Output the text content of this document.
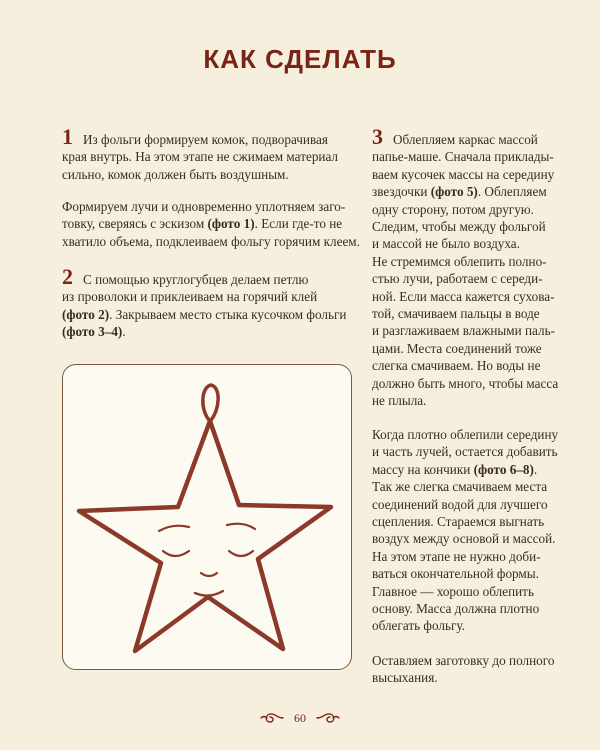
КАК СДЕЛАТЬ

1 Из фольги формируем комок, подворачивая
края внутрь. На этом этапе не сжимаем материал
сильно, комок должен быть воздушным.

Формируем лучи и одновременно уплотняем заго-
товку, сверяясь с эскизом (фото 1). Если где-то не
хватило объема, подклеиваем фольгу горячим клеем.

2 С помощью круглогубцев делаем петлю
из проволоки и приклеиваем на горячий клей
(фото 2). Закрываем место стыка кусочком фольги
(фото 3–4).

3 Облепляем каркас массой
папье-маше. Сначала приклады-
ваем кусочек массы на середину
звездочки (фото 5). Облепляем
одну сторону, потом другую.
Следим, чтобы между фольгой
и массой не было воздуха.
Не стремимся облепить полно-
стью лучи, работаем с середи-
ной. Если масса кажется сухова-
той, смачиваем пальцы в воде
и разглаживаем влажными паль-
цами. Места соединений тоже
слегка смачиваем. Но воды не
должно быть много, чтобы масса
не плыла.

Когда плотно облепили середину
и часть лучей, остается добавить
массу на кончики (фото 6–8).
Так же слегка смачиваем места
соединений водой для лучшего
сцепления. Стараемся выгнать
воздух между основой и массой.
На этом этапе не нужно доби-
ваться окончательной формы.
Главное — хорошо облепить
основу. Масса должна плотно
облегать фольгу.

Оставляем заготовку до полного
высыхания.

60
